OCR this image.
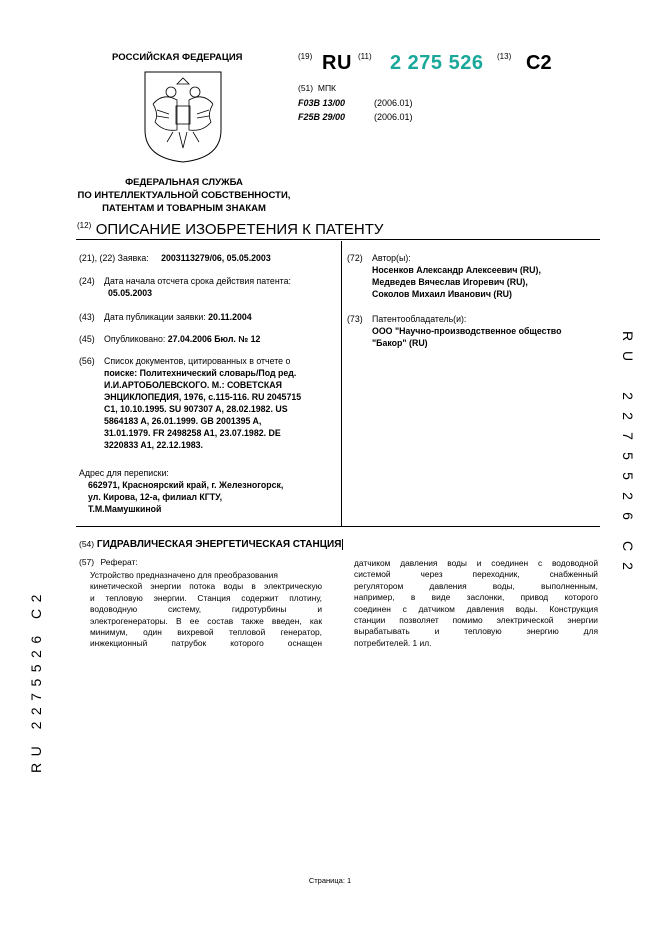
РОССИЙСКАЯ ФЕДЕРАЦИЯ
ФЕДЕРАЛЬНАЯ СЛУЖБА
ПО ИНТЕЛЛЕКТУАЛЬНОЙ СОБСТВЕННОСТИ,
ПАТЕНТАМ И ТОВАРНЫМ ЗНАКАМ
(19) RU (11) 2 275 526 (13) C2
(51) МПК
F03B 13/00	(2006.01)
F25B 29/00	(2006.01)
$^{(12)}$ ОПИСАНИЕ ИЗОБРЕТЕНИЯ К ПАТЕНТУ
(21), (22) Заявка: 2003113279/06, 05.05.2003
(24) Дата начала отсчета срока действия патента:
05.05.2003
(43) Дата публикации заявки: 20.11.2004
(45) Опубликовано: 27.04.2006 Бюл. № 12
(56) Список документов, цитированных в отчете о
поиске: Политехнический словарь/Под ред.
И.И.АРТОБОЛЕВСКОГО. М.: СОВЕТСКАЯ
ЭНЦИКЛОПЕДИЯ, 1976, с.115-116. RU 2045715
C1, 10.10.1995. SU 907307 A, 28.02.1982. US
5864183 A, 26.01.1999. GB 2001395 A,
31.01.1979. FR 2498258 A1, 23.07.1982. DE
3220833 A1, 22.12.1983.
Адрес для переписки:
662971, Красноярский край, г. Железногорск,
ул. Кирова, 12-а, филиал КГТУ,
Т.М.Мамушкиной
(72) Автор(ы):
Носенков Александр Алексеевич (RU),
Медведев Вячеслав Игоревич (RU),
Соколов Михаил Иванович (RU)
(73) Патентообладатель(и):
ООО "Научно-производственное общество
"Бакор" (RU)
(54) ГИДРАВЛИЧЕСКАЯ ЭНЕРГЕТИЧЕСКАЯ СТАНЦИЯ
(57) Реферат:
Устройство предназначено для преобразования
кинетической энергии потока воды в электрическую
и тепловую энергии. Станция содержит плотину,
водоводную систему, гидротурбины и
электрогенераторы. В ее состав также введен, как
минимум, один вихревой тепловой генератор,
инжекционный патрубок которого оснащен
датчиком давления воды и соединен с водоводной
системой через переходник, снабженный
регулятором давления воды, выполненным,
например, в виде заслонки, привод которого
соединен с датчиком давления воды. Конструкция
станции позволяет помимо электрической энергии
вырабатывать и тепловую энергию для
потребителей. 1 ил.
R
U
2
2
7
5
5
2
6
C
2
RU 2275526 C2
Страница: 1
